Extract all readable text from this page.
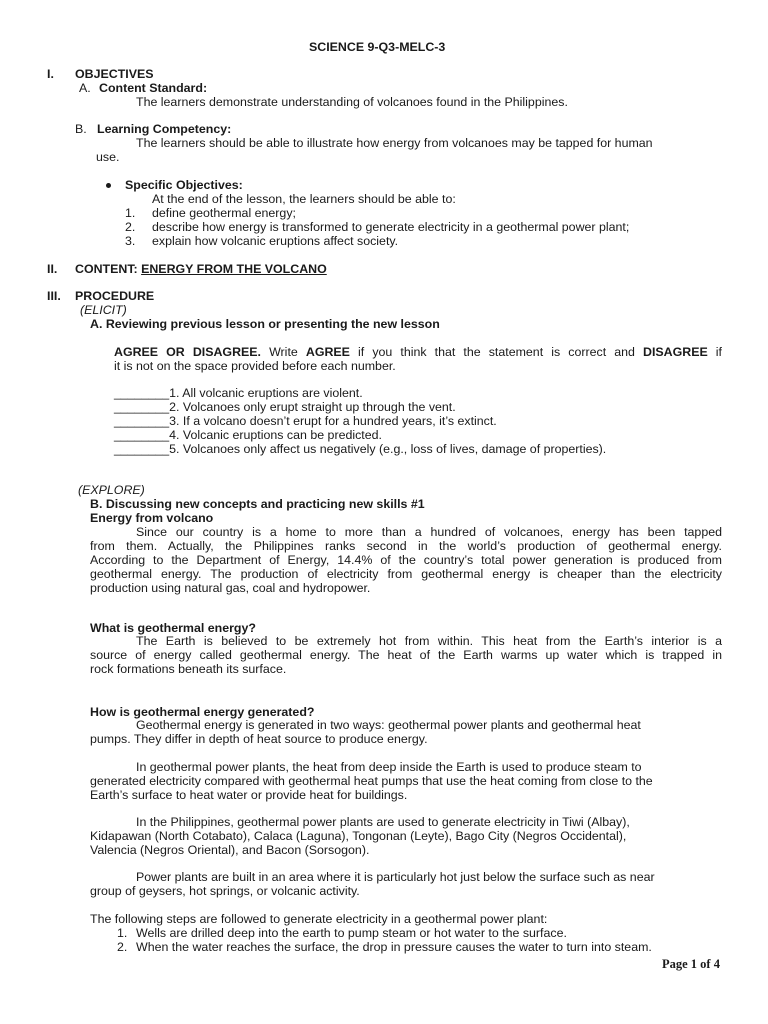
SCIENCE 9-Q3-MELC-3
I. OBJECTIVES
A. Content Standard:
The learners demonstrate understanding of volcanoes found in the Philippines.
B. Learning Competency:
The learners should be able to illustrate how energy from volcanoes may be tapped for human
use.
Specific Objectives:
At the end of the lesson, the learners should be able to:
1. define geothermal energy;
2. describe how energy is transformed to generate electricity in a geothermal power plant;
3. explain how volcanic eruptions affect society.
II. CONTENT: ENERGY FROM THE VOLCANO
III. PROCEDURE
(ELICIT)
A. Reviewing previous lesson or presenting the new lesson
AGREE OR DISAGREE. Write AGREE if you think that the statement is correct and DISAGREE if
it is not on the space provided before each number.
________1. All volcanic eruptions are violent.
________2. Volcanoes only erupt straight up through the vent.
________3. If a volcano doesn’t erupt for a hundred years, it’s extinct.
________4. Volcanic eruptions can be predicted.
________5. Volcanoes only affect us negatively (e.g., loss of lives, damage of properties).
(EXPLORE)
B. Discussing new concepts and practicing new skills #1
Energy from volcano
Since our country is a home to more than a hundred of volcanoes, energy has been tapped
from them. Actually, the Philippines ranks second in the world’s production of geothermal energy.
According to the Department of Energy, 14.4% of the country’s total power generation is produced from
geothermal energy. The production of electricity from geothermal energy is cheaper than the electricity
production using natural gas, coal and hydropower.
What is geothermal energy?
The Earth is believed to be extremely hot from within. This heat from the Earth’s interior is a
source of energy called geothermal energy. The heat of the Earth warms up water which is trapped in
rock formations beneath its surface.
How is geothermal energy generated?
Geothermal energy is generated in two ways: geothermal power plants and geothermal heat
pumps. They differ in depth of heat source to produce energy.
In geothermal power plants, the heat from deep inside the Earth is used to produce steam to
generated electricity compared with geothermal heat pumps that use the heat coming from close to the
Earth’s surface to heat water or provide heat for buildings.
In the Philippines, geothermal power plants are used to generate electricity in Tiwi (Albay),
Kidapawan (North Cotabato), Calaca (Laguna), Tongonan (Leyte), Bago City (Negros Occidental),
Valencia (Negros Oriental), and Bacon (Sorsogon).
Power plants are built in an area where it is particularly hot just below the surface such as near
group of geysers, hot springs, or volcanic activity.
The following steps are followed to generate electricity in a geothermal power plant:
1. Wells are drilled deep into the earth to pump steam or hot water to the surface.
2. When the water reaches the surface, the drop in pressure causes the water to turn into steam.
Page 1 of 4
